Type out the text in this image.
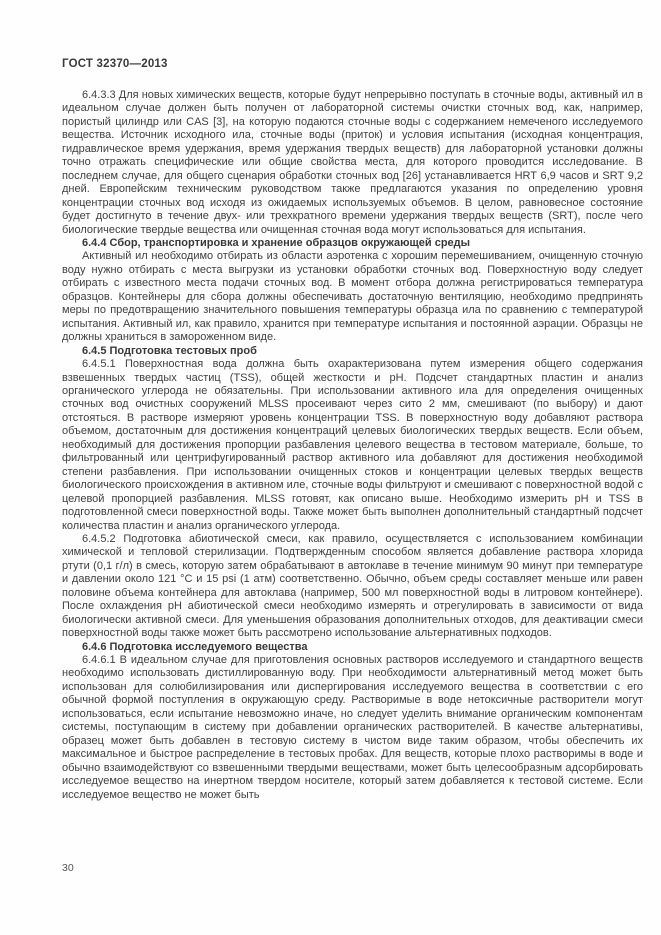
ГОСТ 32370—2013

6.4.3.3 Для новых химических веществ, которые будут непрерывно поступать в сточные воды, активный ил в идеальном случае должен быть получен от лабораторной системы очистки сточных вод, как, например, пористый цилиндр или CAS [3], на которую подаются сточные воды с содержанием немеченого исследуемого вещества. Источник исходного ила, сточные воды (приток) и условия испытания (исходная концентрация, гидравлическое время удержания, время удержания твердых веществ) для лабораторной установки должны точно отражать специфические или общие свойства места, для которого проводится исследование. В последнем случае, для общего сценария обработки сточных вод [26] устанавливается HRT 6,9 часов и SRT 9,2 дней. Европейским техническим руководством также предлагаются указания по определению уровня концентрации сточных вод исходя из ожидаемых используемых объемов. В целом, равновесное состояние будет достигнуто в течение двух- или трехкратного времени удержания твердых веществ (SRT), после чего биологические твердые вещества или очищенная сточная вода могут использоваться для испытания.

6.4.4 Сбор, транспортировка и хранение образцов окружающей среды

Активный ил необходимо отбирать из области аэротенка с хорошим перемешиванием, очищенную сточную воду нужно отбирать с места выгрузки из установки обработки сточных вод. Поверхностную воду следует отбирать с известного места подачи сточных вод. В момент отбора должна регистрироваться температура образцов. Контейнеры для сбора должны обеспечивать достаточную вентиляцию, необходимо предпринять меры по предотвращению значительного повышения температуры образца ила по сравнению с температурой испытания. Активный ил, как правило, хранится при температуре испытания и постоянной аэрации. Образцы не должны храниться в замороженном виде.

6.4.5 Подготовка тестовых проб

6.4.5.1 Поверхностная вода должна быть охарактеризована путем измерения общего содержания взвешенных твердых частиц (TSS), общей жесткости и pH. Подсчет стандартных пластин и анализ органического углерода не обязательны. При использовании активного ила для определения очищенных сточных вод очистных сооружений MLSS просеивают через сито 2 мм, смешивают (по выбору) и дают отстояться. В растворе измеряют уровень концентрации TSS. В поверхностную воду добавляют раствора объемом, достаточным для достижения концентраций целевых биологических твердых веществ. Если объем, необходимый для достижения пропорции разбавления целевого вещества в тестовом материале, больше, то фильтрованный или центрифугированный раствор активного ила добавляют для достижения необходимой степени разбавления. При использовании очищенных стоков и концентрации целевых твердых веществ биологического происхождения в активном иле, сточные воды фильтруют и смешивают с поверхностной водой с целевой пропорцией разбавления. MLSS готовят, как описано выше. Необходимо измерить pH и TSS в подготовленной смеси поверхностной воды. Также может быть выполнен дополнительный стандартный подсчет количества пластин и анализ органического углерода.

6.4.5.2 Подготовка абиотической смеси, как правило, осуществляется с использованием комбинации химической и тепловой стерилизации. Подтвержденным способом является добавление раствора хлорида ртути (0,1 г/л) в смесь, которую затем обрабатывают в автоклаве в течение минимум 90 минут при температуре и давлении около 121 °С и 15 psi (1 атм) соответственно. Обычно, объем среды составляет меньше или равен половине объема контейнера для автоклава (например, 500 мл поверхностной воды в литровом контейнере). После охлаждения pH абиотической смеси необходимо измерять и отрегулировать в зависимости от вида биологически активной смеси. Для уменьшения образования дополнительных отходов, для деактивации смеси поверхностной воды также может быть рассмотрено использование альтернативных подходов.

6.4.6 Подготовка исследуемого вещества

6.4.6.1 В идеальном случае для приготовления основных растворов исследуемого и стандартного веществ необходимо использовать дистиллированную воду. При необходимости альтернативный метод может быть использован для солюбилизирования или диспергирования исследуемого вещества в соответствии с его обычной формой поступления в окружающую среду. Растворимые в воде нетоксичные растворители могут использоваться, если испытание невозможно иначе, но следует уделить внимание органическим компонентам системы, поступающим в систему при добавлении органических растворителей. В качестве альтернативы, образец может быть добавлен в тестовую систему в чистом виде таким образом, чтобы обеспечить их максимальное и быстрое распределение в тестовых пробах. Для веществ, которые плохо растворимы в воде и обычно взаимодействуют со взвешенными твердыми веществами, может быть целесообразным адсорбировать исследуемое вещество на инертном твердом носителе, который затем добавляется к тестовой системе. Если исследуемое вещество не может быть

30
